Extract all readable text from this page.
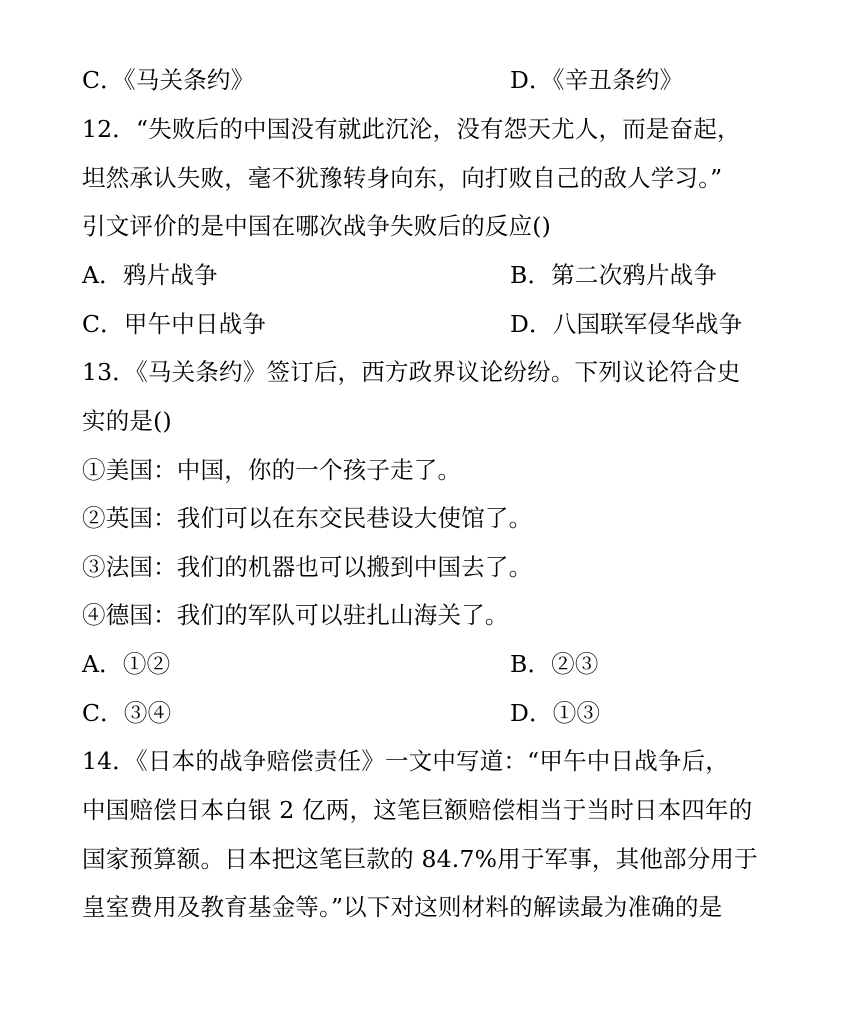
C．《马关条约》	D．《辛丑条约》
12．“失败后的中国没有就此沉沦，没有怨天尤人，而是奋起，
坦然承认失败，毫不犹豫转身向东，向打败自己的敌人学习。”
引文评价的是中国在哪次战争失败后的反应()
A．鸦片战争	B．第二次鸦片战争
C．甲午中日战争	D．八国联军侵华战争
13．《马关条约》签订后，西方政界议论纷纷。下列议论符合史
实的是()
①美国：中国，你的一个孩子走了。
②英国：我们可以在东交民巷设大使馆了。
③法国：我们的机器也可以搬到中国去了。
④德国：我们的军队可以驻扎山海关了。
A．①②	B．②③
C．③④	D．①③
14．《日本的战争赔偿责任》一文中写道：“甲午中日战争后，
中国赔偿日本白银 2 亿两，这笔巨额赔偿相当于当时日本四年的
国家预算额。日本把这笔巨款的 84.7%用于军事，其他部分用于
皇室费用及教育基金等。”以下对这则材料的解读最为准确的是
